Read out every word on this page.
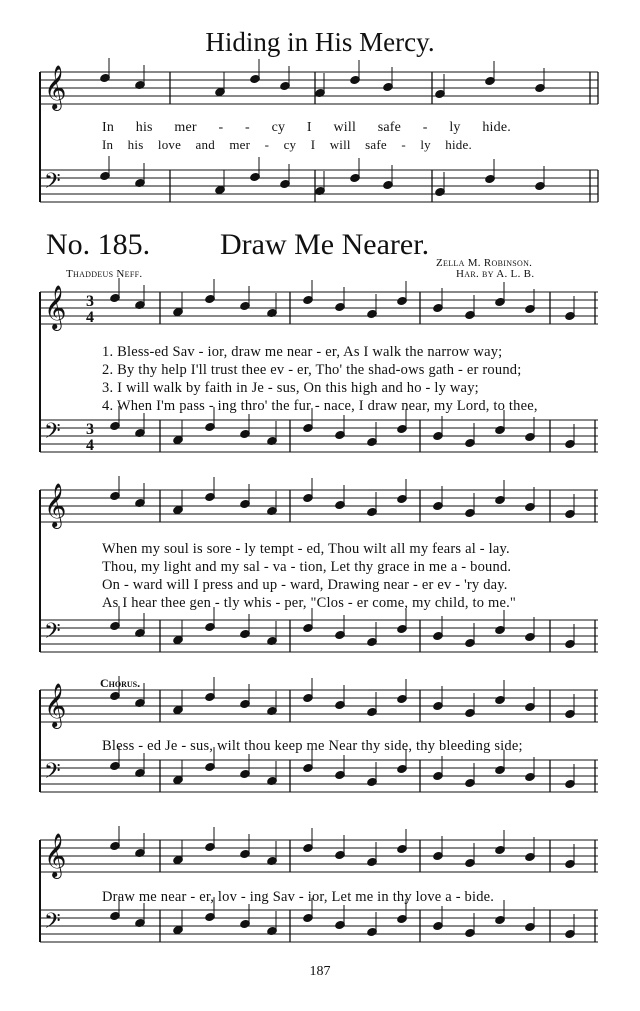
𝄞
𝄢
𝄞
𝄢
𝄞
𝄢
𝄞
𝄢
𝄞
𝄢
3
4
3
4
Hiding in His Mercy.
In his mer - - cy I will safe - ly hide.
In his love and mer - cy I will safe - ly hide.
No. 185. Draw Me Nearer.
Thaddeus Neff.
Zella M. Robinson.
Har. by A. L. B.
1. Bless-ed Sav - ior, draw me near - er, As I walk the narrow way;
2. By thy help I'll trust thee ev - er, Tho' the shad-ows gath - er round;
3. I will walk by faith in Je - sus, On this high and ho - ly way;
4. When I'm pass - ing thro' the fur - nace, I draw near, my Lord, to thee,
When my soul is sore - ly tempt - ed, Thou wilt all my fears al - lay.
Thou, my light and my sal - va - tion, Let thy grace in me a - bound.
On - ward will I press and up - ward, Drawing near - er ev - 'ry day.
As I hear thee gen - tly whis - per, "Clos - er come, my child, to me."
Chorus.
Bless - ed Je - sus, wilt thou keep me Near thy side, thy bleeding side;
Draw me near - er, lov - ing Sav - ior, Let me in thy love a - bide.
187
